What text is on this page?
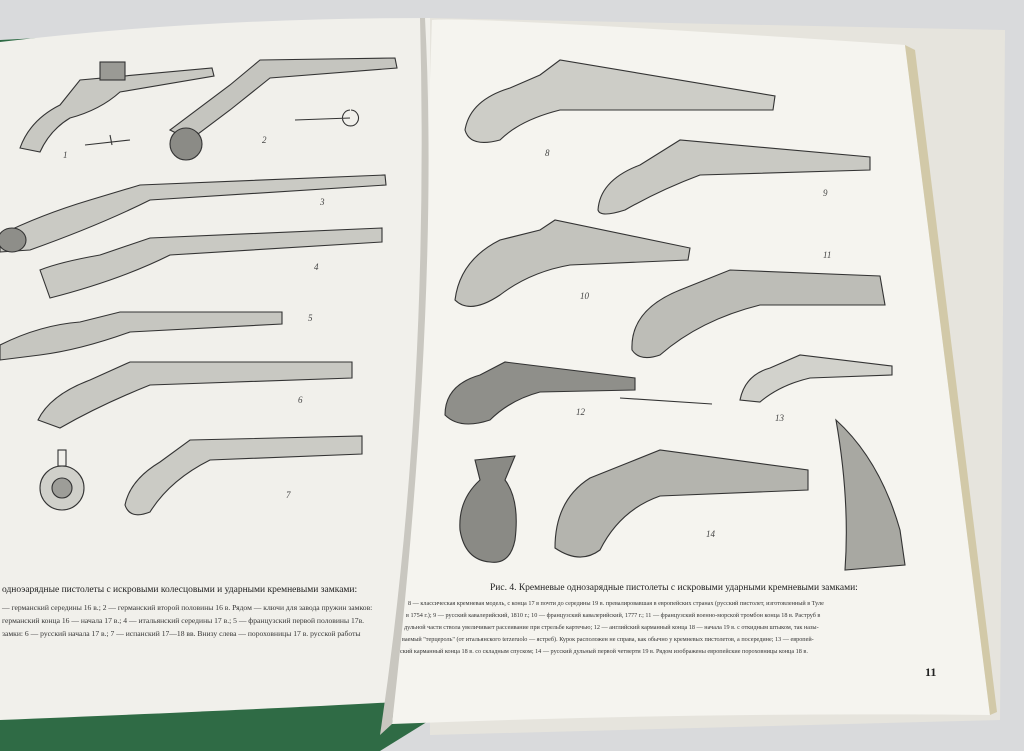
1
2
3
4
5
6
7
8
9
10
11
12
13
14
одноэарядные пистолеты с искровыми колесцовыми и ударными кремневыми замками:
— германский середины 16 в.; 2 — германский второй половины 16 в. Рядом — ключи для завода пружин замков:
германский конца 16 — начала 17 в.; 4 — итальянский середины 17 в.; 5 — французский первой половины 17в.
замки: 6 — русский начала 17 в.; 7 — испанский 17—18 вв. Внизу слева — пороховницы 17 в. русской работы
Рис. 4. Кремневые однозарядные пистолеты с искровыми ударными кремневыми замками:
8 — классическая кремневая модель, с конца 17 в почти до середины 19 в. превалировавшая в европейских странах (русский пистолет, изготовленный в Туле
в 1754 г.); 9 — русский кавалерийский, 1810 г.; 10 — французский кавалерийский, 1777 г.; 11 — французский военно-морской тромбон конца 18 в. Раструб в
дульной части ствола увеличивает рассеивание при стрельбе картечью; 12 — английский карманный конца 18 — начала 19 в. с откидным штыком, так назы-
ваемый "терцероль" (от итальянского terzeruolo — ястреб). Курок расположен не справа, как обычно у кремневых пистолетов, а посередине; 13 — европей-
ский карманный конца 18 в. со складным спуском; 14 — русский дульный первой четверти 19 в. Рядом изображены европейские пороховницы конца 18 в.
11
